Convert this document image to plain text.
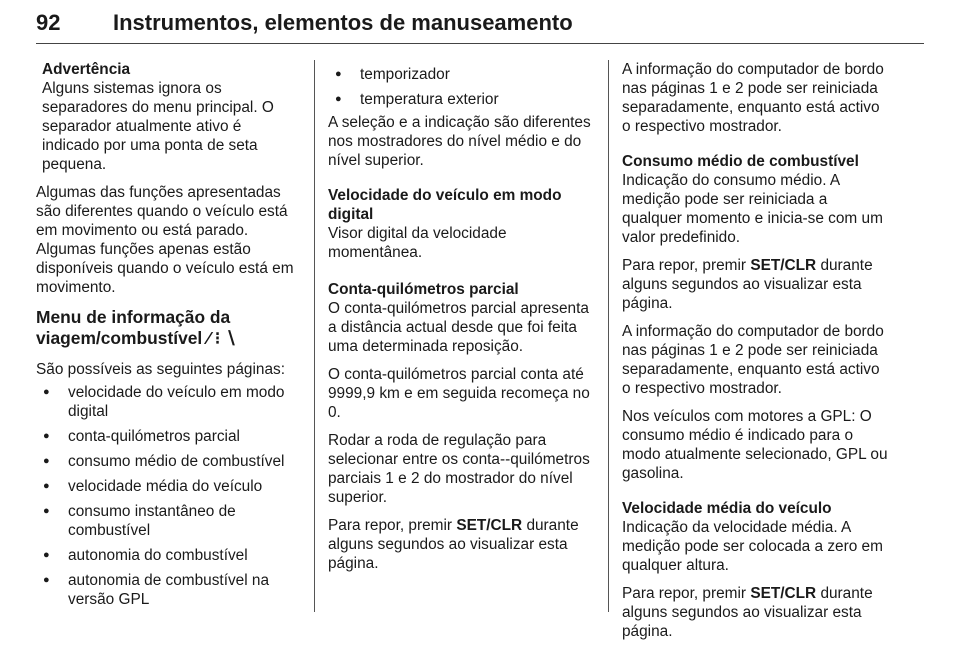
92 Instrumentos, elementos de manuseamento
Advertência
Alguns sistemas ignora os separadores do menu principal. O separador atualmente ativo é indicado por uma ponta de seta pequena.

Algumas das funções apresentadas são diferentes quando o veículo está em movimento ou está parado. Algumas funções apenas estão disponíveis quando o veículo está em movimento.

Menu de informação da viagem/combustível ⁄ ⁝ ∖

São possíveis as seguintes páginas:

● velocidade do veículo em modo digital
● conta-quilómetros parcial
● consumo médio de combustível
● velocidade média do veículo
● consumo instantâneo de combustível
● autonomia do combustível
● autonomia de combustível na versão GPL
● temporizador
● temperatura exterior

A seleção e a indicação são diferentes nos mostradores do nível médio e do nível superior.

Velocidade do veículo em modo digital

Visor digital da velocidade momentânea.

Conta-quilómetros parcial

O conta-quilómetros parcial apresenta a distância actual desde que foi feita uma determinada reposição.

O conta-quilómetros parcial conta até 9999,9 km e em seguida recomeça no 0.

Rodar a roda de regulação para selecionar entre os conta--quilómetros parciais 1 e 2 do mostrador do nível superior.

Para repor, premir SET/CLR durante alguns segundos ao visualizar esta página.

A informação do computador de bordo nas páginas 1 e 2 pode ser reiniciada separadamente, enquanto está activo o respectivo mostrador.

Consumo médio de combustível

Indicação do consumo médio. A medição pode ser reiniciada a qualquer momento e inicia-se com um valor predefinido.

Para repor, premir SET/CLR durante alguns segundos ao visualizar esta página.

A informação do computador de bordo nas páginas 1 e 2 pode ser reiniciada separadamente, enquanto está activo o respectivo mostrador.

Nos veículos com motores a GPL: O consumo médio é indicado para o modo atualmente selecionado, GPL ou gasolina.

Velocidade média do veículo

Indicação da velocidade média. A medição pode ser colocada a zero em qualquer altura.

Para repor, premir SET/CLR durante alguns segundos ao visualizar esta página.
